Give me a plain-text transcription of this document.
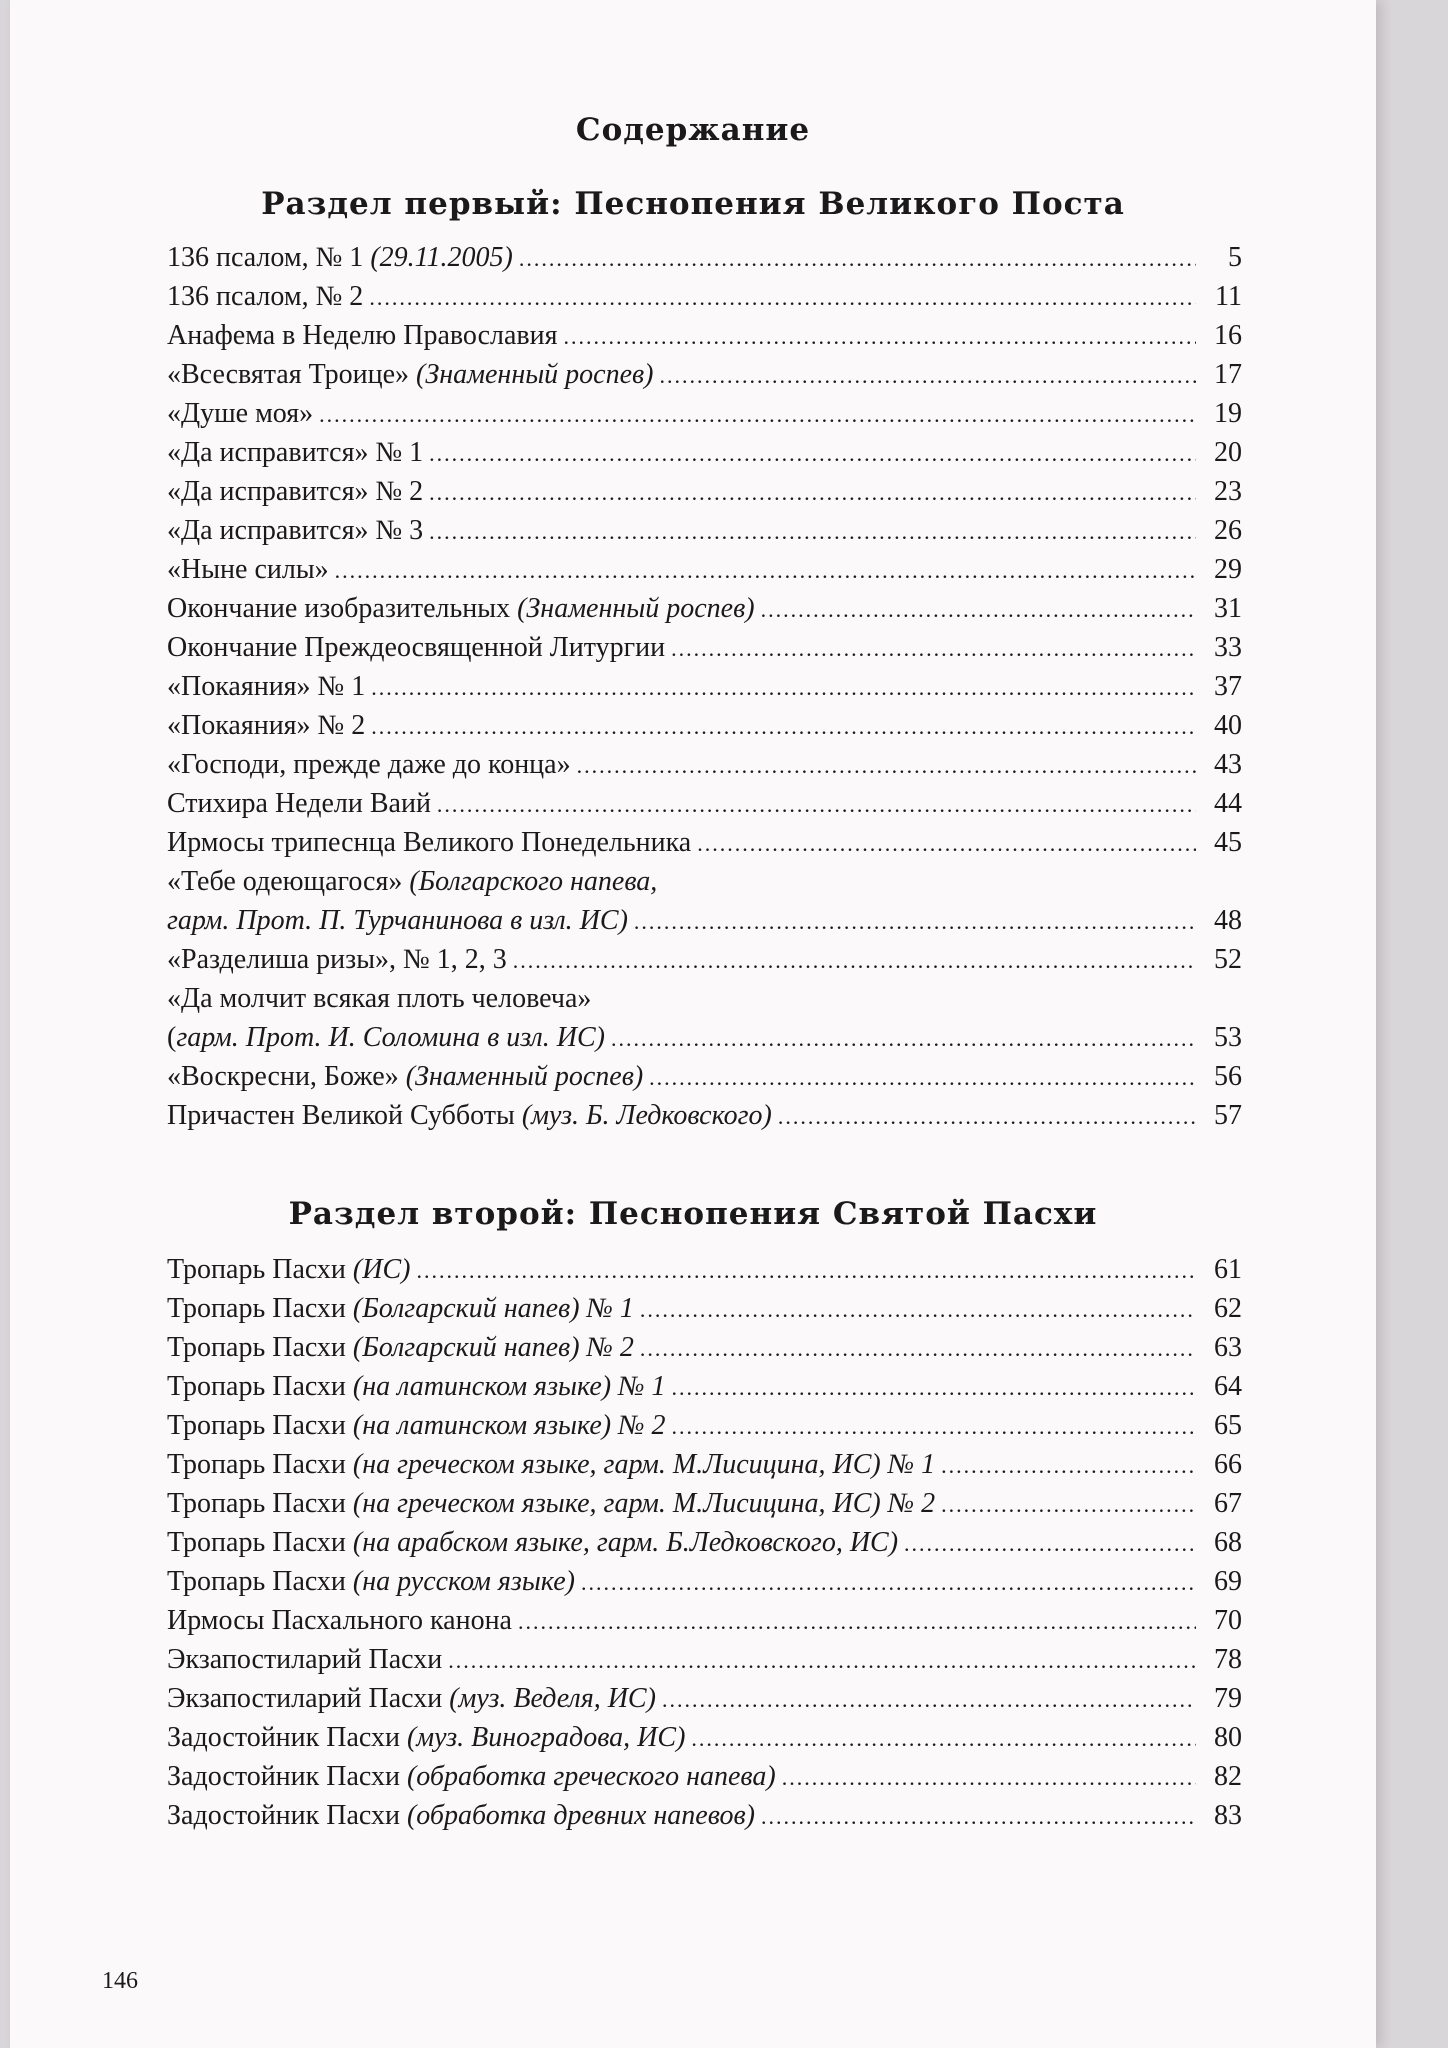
Содержание
Раздел первый: Песнопения Великого Поста
136 псалом, № 1 (29.11.2005) .....	5
136 псалом, № 2 .....	11
Анафема в Неделю Православия .....	16
«Всесвятая Троице» (Знаменный роспев) .....	17
«Душе моя» .....	19
«Да исправится» № 1 .....	20
«Да исправится» № 2 .....	23
«Да исправится» № 3 .....	26
«Ныне силы» .....	29
Окончание изобразительных (Знаменный роспев) .....	31
Окончание Преждеосвященной Литургии .....	33
«Покаяния» № 1 .....	37
«Покаяния» № 2 .....	40
«Господи, прежде даже до конца» .....	43
Стихира Недели Ваий .....	44
Ирмосы трипеснца Великого Понедельника .....	45
«Тебе одеющагося» (Болгарского напева,
гарм. Прот. П. Турчанинова в изл. ИС) .....	48
«Разделиша ризы», № 1, 2, 3 .....	52
«Да молчит всякая плоть человеча»
(гарм. Прот. И. Соломина в изл. ИС) .....	53
«Воскресни, Боже» (Знаменный роспев) .....	56
Причастен Великой Субботы (муз. Б. Ледковского) .....	57
Раздел второй: Песнопения Святой Пасхи
Тропарь Пасхи (ИС) .....	61
Тропарь Пасхи (Болгарский напев) № 1 .....	62
Тропарь Пасхи (Болгарский напев) № 2 .....	63
Тропарь Пасхи (на латинском языке) № 1 .....	64
Тропарь Пасхи (на латинском языке) № 2 .....	65
Тропарь Пасхи (на греческом языке, гарм. М.Лисицина, ИС) № 1 .....	66
Тропарь Пасхи (на греческом языке, гарм. М.Лисицина, ИС) № 2 .....	67
Тропарь Пасхи (на арабском языке, гарм. Б.Ледковского, ИС) .....	68
Тропарь Пасхи (на русском языке) .....	69
Ирмосы Пасхального канона .....	70
Экзапостиларий Пасхи .....	78
Экзапостиларий Пасхи (муз. Веделя, ИС) .....	79
Задостойник Пасхи (муз. Виноградова, ИС) .....	80
Задостойник Пасхи (обработка греческого напева) .....	82
Задостойник Пасхи (обработка древних напевов) .....	83
146
